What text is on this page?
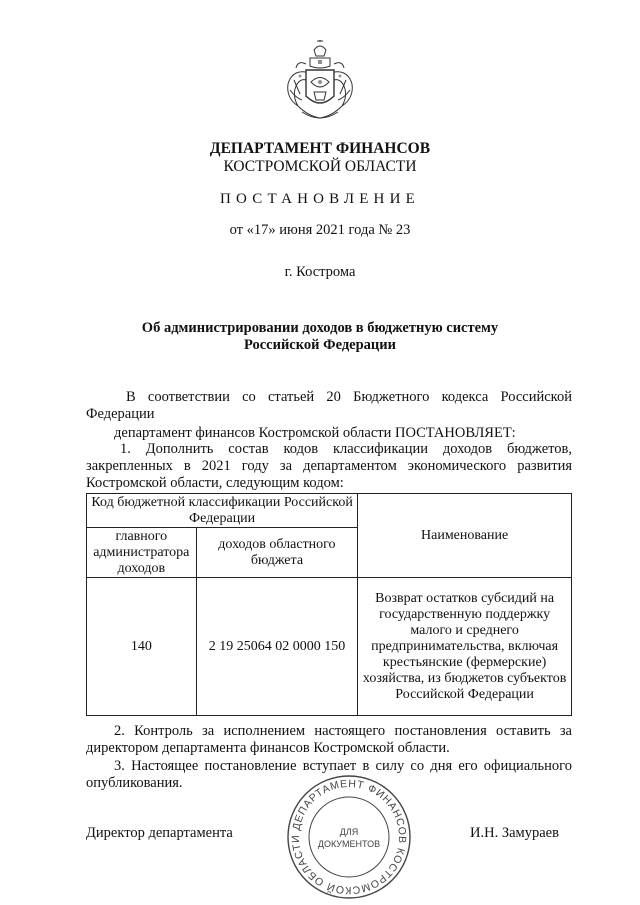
ДЕПАРТАМЕНТ ФИНАНСОВ
КОСТРОМСКОЙ ОБЛАСТИ
ПОСТАНОВЛЕНИЕ
от «17» июня 2021 года № 23
г. Кострома
Об администрировании доходов в бюджетную систему
Российской Федерации
В соответствии со статьей 20 Бюджетного кодекса Российской Федерации
департамент финансов Костромской области ПОСТАНОВЛЯЕТ:
1. Дополнить состав кодов классификации доходов бюджетов, закрепленных в 2021 году за департаментом экономического развития Костромской области, следующим кодом:
Код бюджетной классификации Российской Федерации		Наименование
главного администратора доходов	доходов областного бюджета	
140	2 19 25064 02 0000 150	Возврат остатков субсидий на государственную поддержку малого и среднего предпринимательства, включая крестьянские (фермерские) хозяйства, из бюджетов субъектов Российской Федерации
2. Контроль за исполнением настоящего постановления оставить за директором департамента финансов Костромской области.
3. Настоящее постановление вступает в силу со дня его официального опубликования.
Директор департамента	И.Н. Замураев
ДЕПАРТАМЕНТ ФИНАНСОВ КОСТРОМСКОЙ ОБЛАСТИ
ДЛЯ
ДОКУМЕНТОВ
